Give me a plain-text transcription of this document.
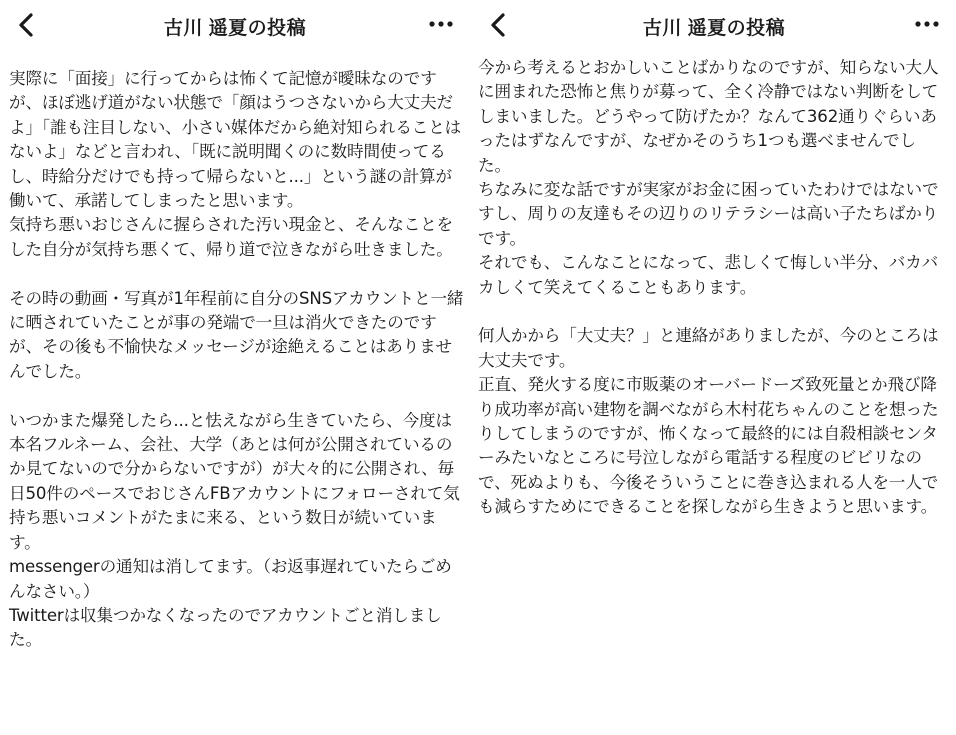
古川 遥夏の投稿

実際に「面接」に行ってからは怖くて記憶が曖昧なのですが、ほぼ逃げ道がない状態で「顔はうつさないから大丈夫だよ」「誰も注目しない、小さい媒体だから絶対知られることはないよ」などと言われ、「既に説明聞くのに数時間使ってるし、時給分だけでも持って帰らないと...」という謎の計算が働いて、承諾してしまったと思います。

気持ち悪いおじさんに握らされた汚い現金と、そんなことをした自分が気持ち悪くて、帰り道で泣きながら吐きました。

その時の動画・写真が1年程前に自分のSNSアカウントと一緒に晒されていたことが事の発端で一旦は消火できたのですが、その後も不愉快なメッセージが途絶えることはありませんでした。

いつかまた爆発したら...と怯えながら生きていたら、今度は本名フルネーム、会社、大学（あとは何が公開されているのか見てないので分からないですが）が大々的に公開され、毎日50件のペースでおじさんFBアカウントにフォローされて気持ち悪いコメントがたまに来る、という数日が続いています。

messengerの通知は消してます。（お返事遅れていたらごめんなさい。）

Twitterは収集つかなくなったのでアカウントごと消しました。

古川 遥夏の投稿

今から考えるとおかしいことばかりなのですが、知らない大人に囲まれた恐怖と焦りが募って、全く冷静ではない判断をしてしまいました。どうやって防げたか？なんて362通りぐらいあったはずなんですが、なぜかそのうち1つも選べませんでした。

ちなみに変な話ですが実家がお金に困っていたわけではないですし、周りの友達もその辺りのリテラシーは高い子たちばかりです。

それでも、こんなことになって、悲しくて悔しい半分、バカバカしくて笑えてくることもあります。

何人かから「大丈夫？」と連絡がありましたが、今のところは大丈夫です。

正直、発火する度に市販薬のオーバードーズ致死量とか飛び降り成功率が高い建物を調べながら木村花ちゃんのことを想ったりしてしまうのですが、怖くなって最終的には自殺相談センターみたいなところに号泣しながら電話する程度のビビリなので、死ぬよりも、今後そういうことに巻き込まれる人を一人でも減らすためにできることを探しながら生きようと思います。
